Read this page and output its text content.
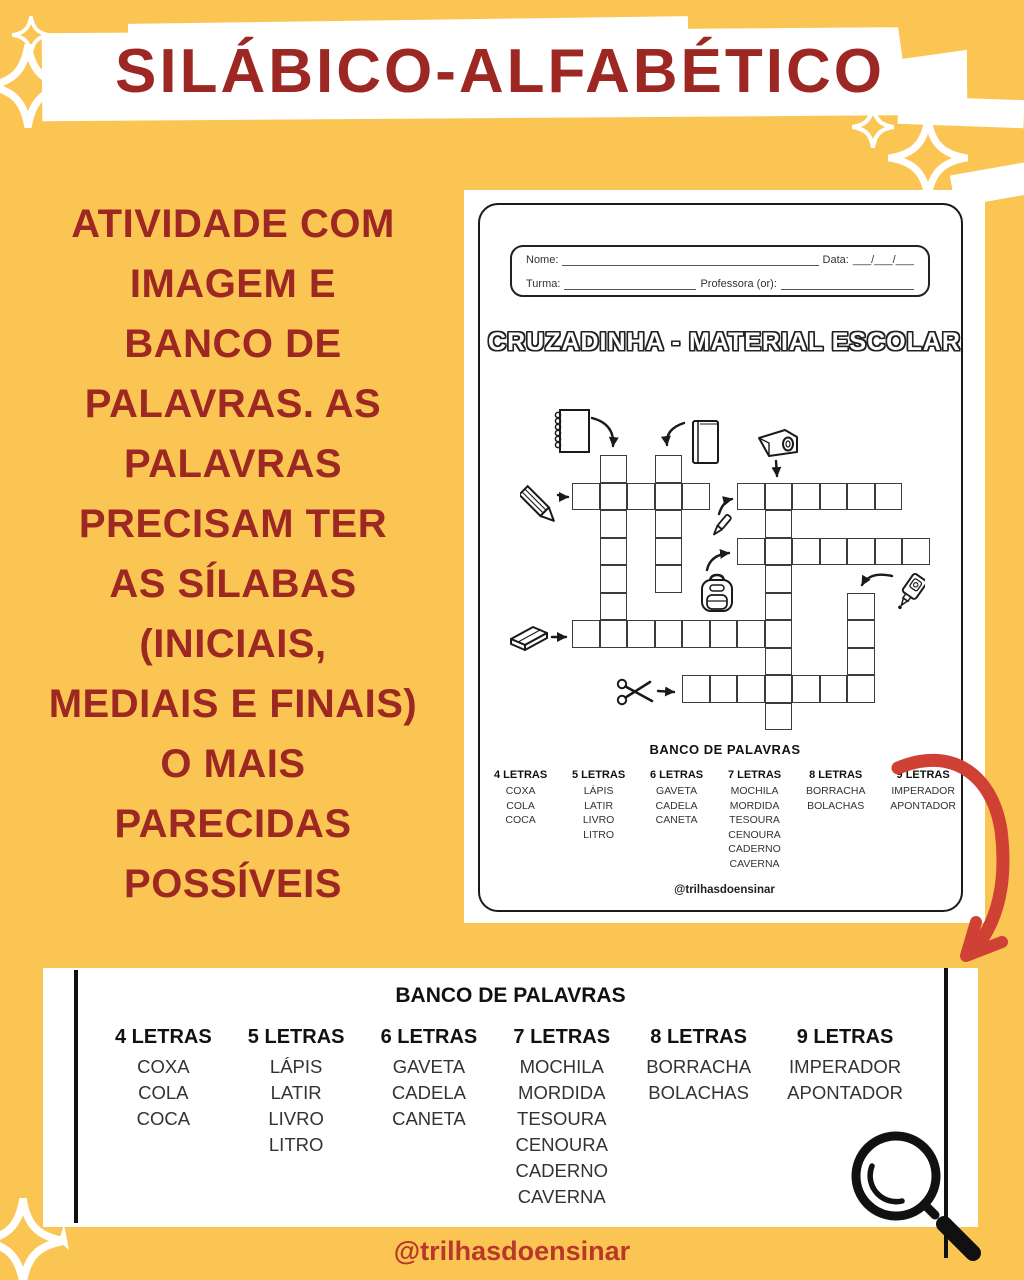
SILÁBICO-ALFABÉTICO
ATIVIDADE COM
IMAGEM E
BANCO DE
PALAVRAS. AS
PALAVRAS
PRECISAM TER
AS SÍLABAS
(INICIAIS,
MEDIAIS E FINAIS)
O MAIS
PARECIDAS
POSSÍVEIS
Nome:	Data: ___/___/___
Turma:	Professora (or):
CRUZADINHA - MATERIAL ESCOLAR
BANCO DE PALAVRAS
4 LETRAS
COXA
COLA
COCA
5 LETRAS
LÁPIS
LATIR
LIVRO
LITRO
6 LETRAS
GAVETA
CADELA
CANETA
7 LETRAS
MOCHILA
MORDIDA
TESOURA
CENOURA
CADERNO
CAVERNA
8 LETRAS
BORRACHA
BOLACHAS
9 LETRAS
IMPERADOR
APONTADOR
@trilhasdoensinar
BANCO DE PALAVRAS
4 LETRAS
COXA
COLA
COCA
5 LETRAS
LÁPIS
LATIR
LIVRO
LITRO
6 LETRAS
GAVETA
CADELA
CANETA
7 LETRAS
MOCHILA
MORDIDA
TESOURA
CENOURA
CADERNO
CAVERNA
8 LETRAS
BORRACHA
BOLACHAS
9 LETRAS
IMPERADOR
APONTADOR
@trilhasdoensinar
